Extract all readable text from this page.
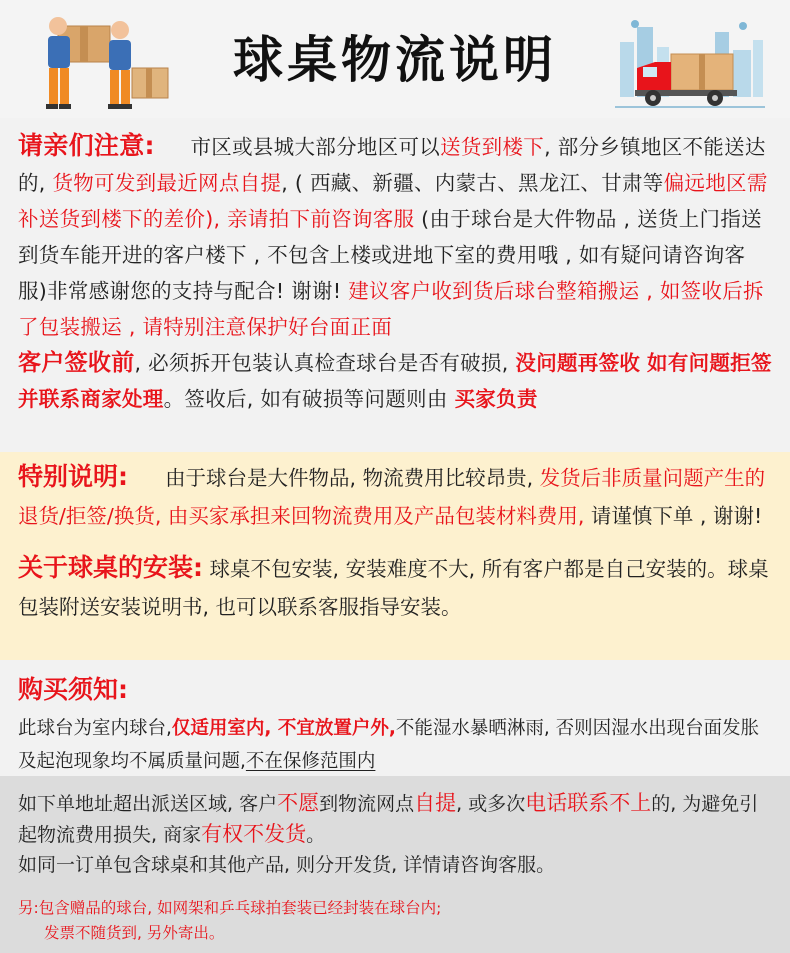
球桌物流说明
请亲们注意: 市区或县城大部分地区可以送货到楼下, 部分乡镇地区不能送达的, 货物可发到最近网点自提, ( 西藏、新疆、内蒙古、黑龙江、甘肃等偏远地区需补送货到楼下的差价), 亲请拍下前咨询客服 (由于球台是大件物品 , 送货上门指送到货车能开进的客户楼下 , 不包含上楼或进地下室的费用哦 , 如有疑问请咨询客服)非常感谢您的支持与配合! 谢谢! 建议客户收到货后球台整箱搬运 , 如签收后拆了包装搬运 , 请特别注意保护好台面正面
客户签收前, 必须拆开包装认真检查球台是否有破损, 没问题再签收 如有问题拒签并联系商家处理。签收后, 如有破损等问题则由 买家负责
特别说明: 由于球台是大件物品, 物流费用比较昂贵, 发货后非质量问题产生的退货/拒签/换货, 由买家承担来回物流费用及产品包装材料费用, 请谨慎下单 , 谢谢!
关于球桌的安装: 球桌不包安装, 安装难度不大, 所有客户都是自己安装的。球桌包装附送安装说明书, 也可以联系客服指导安装。
购买须知:
此球台为室内球台,仅适用室内, 不宜放置户外,不能湿水暴晒淋雨, 否则因湿水出现台面发胀及起泡现象均不属质量问题,不在保修范围内
如下单地址超出派送区域, 客户不愿到物流网点自提, 或多次电话联系不上的, 为避免引起物流费用损失, 商家有权不发货。
如同一订单包含球桌和其他产品, 则分开发货, 详情请咨询客服。
另:包含赠品的球台, 如网架和乒乓球拍套装已经封装在球台内;
发票不随货到, 另外寄出。
